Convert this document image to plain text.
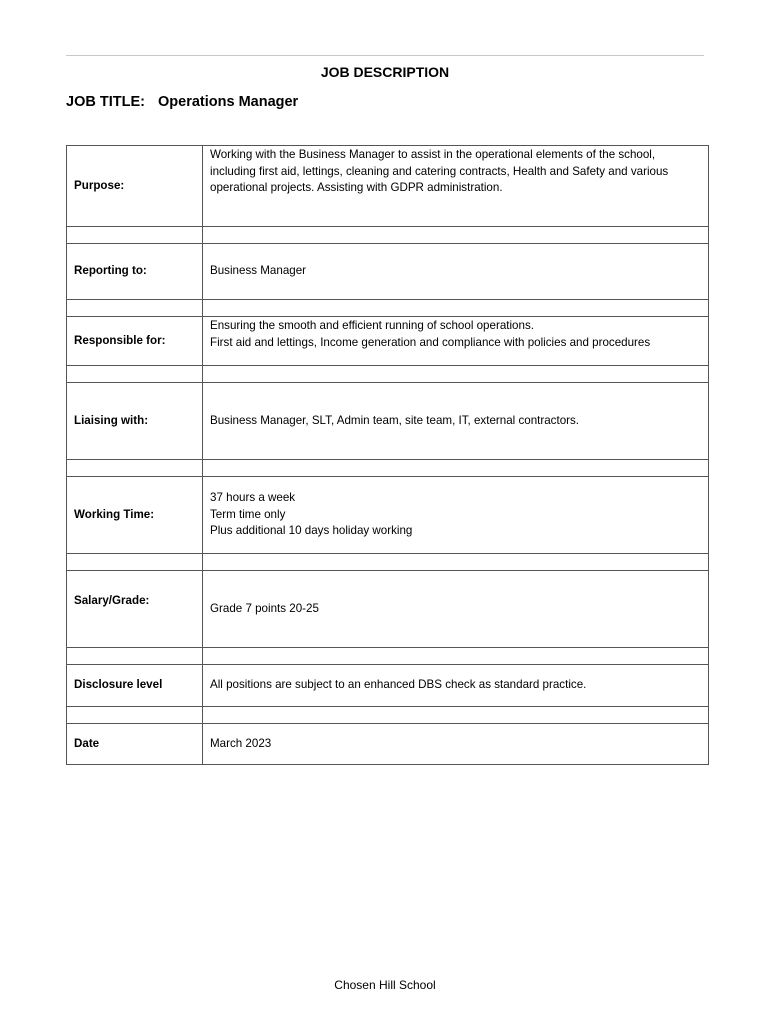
JOB DESCRIPTION
JOB TITLE: Operations Manager
Purpose:	Working with the Business Manager to assist in the operational elements of the school, including first aid, lettings, cleaning and catering contracts, Health and Safety and various operational projects. Assisting with GDPR administration.

Reporting to:	Business Manager

Responsible for:	Ensuring the smooth and efficient running of school operations.
First aid and lettings, Income generation and compliance with policies and procedures

Liaising with:	Business Manager, SLT, Admin team, site team, IT, external contractors.

Working Time:	37 hours a week
Term time only
Plus additional 10 days holiday working

Salary/Grade:	Grade 7 points 20-25

Disclosure level	All positions are subject to an enhanced DBS check as standard practice.

Date	March 2023
Chosen Hill School
